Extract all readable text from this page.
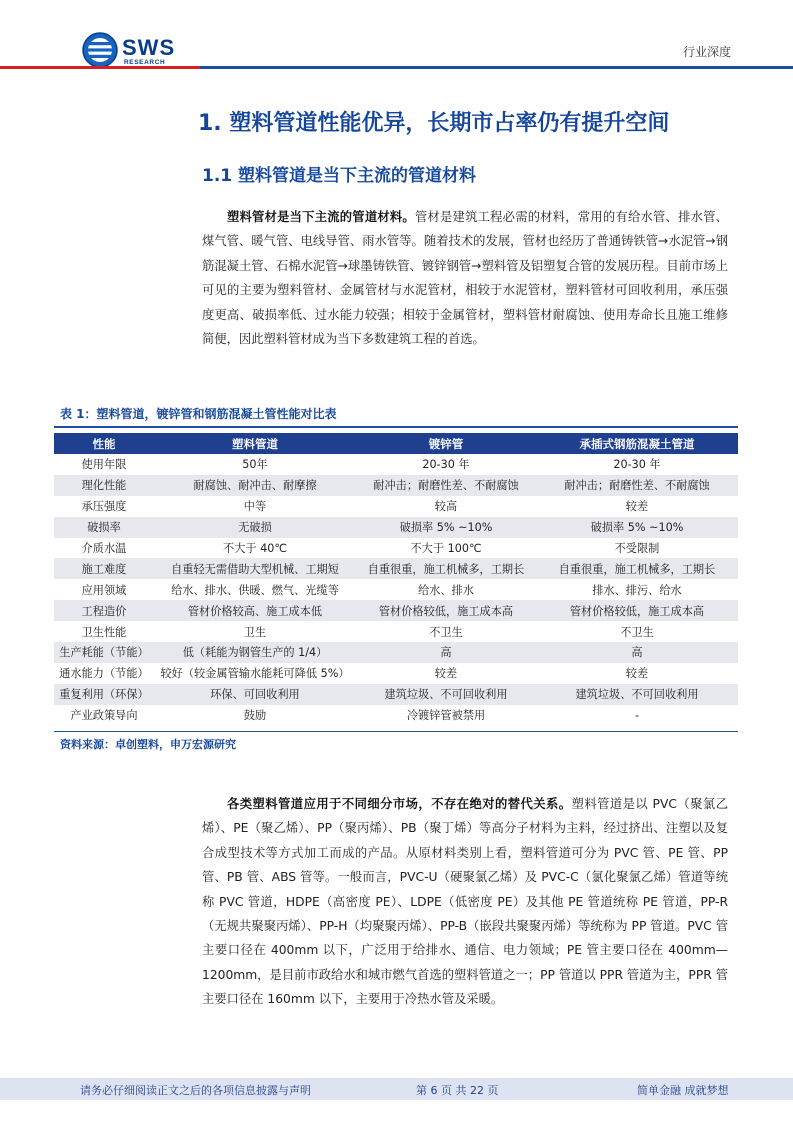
SWS
RESEARCH
行业深度
1. 塑料管道性能优异，长期市占率仍有提升空间
1.1 塑料管道是当下主流的管道材料

塑料管材是当下主流的管道材料。管材是建筑工程必需的材料，常用的有给水管、排水管、煤气管、暖气管、电线导管、雨水管等。随着技术的发展，管材也经历了普通铸铁管→水泥管→钢筋混凝土管、石棉水泥管→球墨铸铁管、镀锌钢管→塑料管及铝塑复合管的发展历程。目前市场上可见的主要为塑料管材、金属管材与水泥管材，相较于水泥管材，塑料管材可回收利用，承压强度更高、破损率低、过水能力较强；相较于金属管材，塑料管材耐腐蚀、使用寿命长且施工维修简便，因此塑料管材成为当下多数建筑工程的首选。

表 1：塑料管道，镀锌管和钢筋混凝土管性能对比表
性能	塑料管道	镀锌管	承插式钢筋混凝土管道
使用年限	50年	20-30 年	20-30 年
理化性能	耐腐蚀、耐冲击、耐摩擦	耐冲击；耐磨性差、不耐腐蚀	耐冲击；耐磨性差、不耐腐蚀
承压强度	中等	较高	较差
破损率	无破损	破损率 5% ~10%	破损率 5% ~10%
介质水温	不大于 40℃	不大于 100℃	不受限制
施工难度	自重轻无需借助大型机械、工期短	自重很重，施工机械多，工期长	自重很重，施工机械多，工期长
应用领域	给水、排水、供暖、燃气、光缆等	给水、排水	排水、排污、给水
工程造价	管材价格较高、施工成本低	管材价格较低，施工成本高	管材价格较低，施工成本高
卫生性能	卫生	不卫生	不卫生
生产耗能（节能）	低（耗能为钢管生产的 1/4）	高	高
通水能力（节能）	较好（较金属管输水能耗可降低 5%）	较差	较差
重复利用（环保）	环保、可回收利用	建筑垃圾、不可回收利用	建筑垃圾、不可回收利用
产业政策导向	鼓励	冷镀锌管被禁用	-
资料来源：卓创塑料，申万宏源研究

各类塑料管道应用于不同细分市场，不存在绝对的替代关系。塑料管道是以 PVC（聚氯乙烯）、PE（聚乙烯）、PP（聚丙烯）、PB（聚丁烯）等高分子材料为主料，经过挤出、注塑以及复合成型技术等方式加工而成的产品。从原材料类别上看，塑料管道可分为 PVC 管、PE 管、PP 管、PB 管、ABS 管等。一般而言，PVC-U（硬聚氯乙烯）及 PVC-C（氯化聚氯乙烯）管道等统称 PVC 管道，HDPE（高密度 PE）、LDPE（低密度 PE）及其他 PE 管道统称 PE 管道，PP-R（无规共聚聚丙烯）、PP-H（均聚聚丙烯）、PP-B（嵌段共聚聚丙烯）等统称为 PP 管道。PVC 管主要口径在 400mm 以下，广泛用于给排水、通信、电力领域；PE 管主要口径在 400mm—1200mm，是目前市政给水和城市燃气首选的塑料管道之一；PP 管道以 PPR 管道为主，PPR 管主要口径在 160mm 以下，主要用于冷热水管及采暖。

请务必仔细阅读正文之后的各项信息披露与声明	第 6 页 共 22 页	简单金融 成就梦想
